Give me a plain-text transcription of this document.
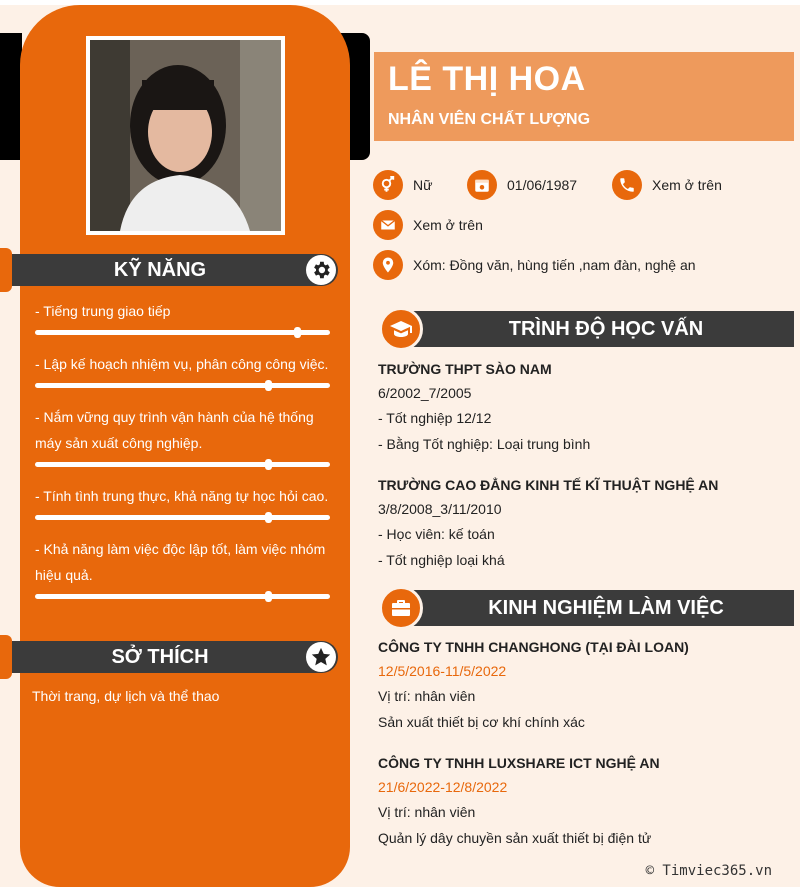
KỸ NĂNG
- Tiếng trung giao tiếp
- Lập kế hoạch nhiệm vụ, phân công công việc.
- Nắm vững quy trình vận hành của hệ thống máy sản xuất công nghiệp.
- Tính tình trung thực, khả năng tự học hỏi cao.
- Khả năng làm việc độc lập tốt, làm việc nhóm hiệu quả.
SỞ THÍCH
Thời trang, dự lịch và thể thao
LÊ THỊ HOA
NHÂN VIÊN CHẤT LƯỢNG
Nữ	01/06/1987	Xem ở trên
Xem ở trên
Xóm: Đồng văn, hùng tiến ,nam đàn, nghệ an
TRÌNH ĐỘ HỌC VẤN
TRƯỜNG THPT SÀO NAM
6/2002_7/2005
- Tốt nghiệp 12/12
- Bằng Tốt nghiệp: Loại trung bình
TRƯỜNG CAO ĐẲNG KINH TẾ KĨ THUẬT NGHỆ AN
3/8/2008_3/11/2010
- Học viên: kế toán
- Tốt nghiệp loại khá
KINH NGHIỆM LÀM VIỆC
CÔNG TY TNHH CHANGHONG (TẠI ĐÀI LOAN)
12/5/2016-11/5/2022
Vị trí: nhân viên
Sản xuất thiết bị cơ khí chính xác
CÔNG TY TNHH LUXSHARE ICT NGHỆ AN
21/6/2022-12/8/2022
Vị trí: nhân viên
Quản lý dây chuyền sản xuất thiết bị điện tử
© Timviec365.vn
